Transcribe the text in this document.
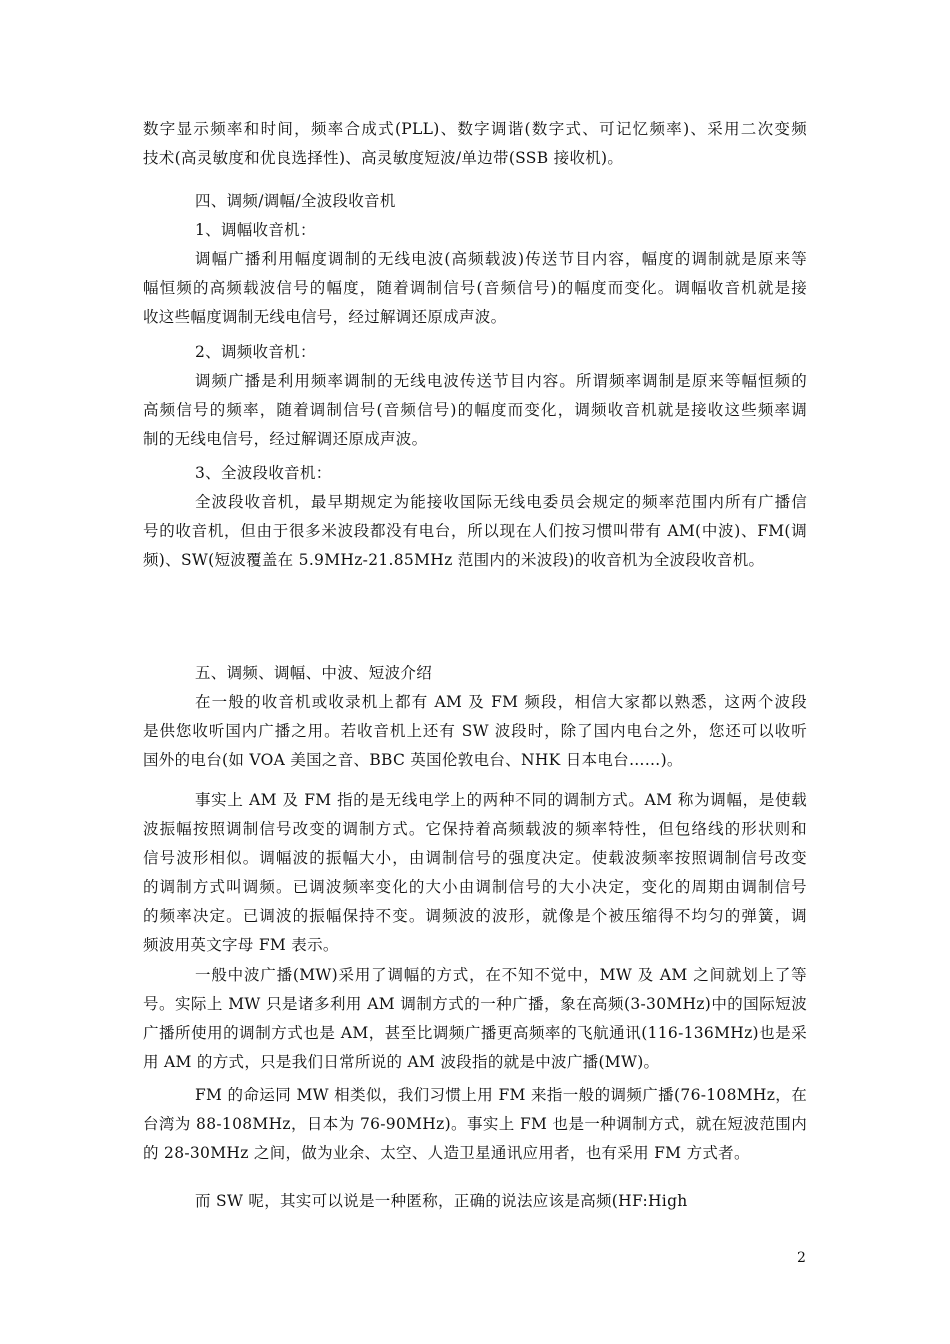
数字显示频率和时间，频率合成式(PLL)、数字调谐(数字式、可记忆频率)、采用二次变频
技术(高灵敏度和优良选择性)、高灵敏度短波/单边带(SSB 接收机)。
四、调频/调幅/全波段收音机
1、调幅收音机：
调幅广播利用幅度调制的无线电波(高频载波)传送节目内容，幅度的调制就是原来等
幅恒频的高频载波信号的幅度，随着调制信号(音频信号)的幅度而变化。调幅收音机就是接
收这些幅度调制无线电信号，经过解调还原成声波。
2、调频收音机：
调频广播是利用频率调制的无线电波传送节目内容。所谓频率调制是原来等幅恒频的
高频信号的频率，随着调制信号(音频信号)的幅度而变化，调频收音机就是接收这些频率调
制的无线电信号，经过解调还原成声波。
3、全波段收音机：
全波段收音机，最早期规定为能接收国际无线电委员会规定的频率范围内所有广播信
号的收音机，但由于很多米波段都没有电台，所以现在人们按习惯叫带有 AM(中波)、FM(调
频)、SW(短波覆盖在 5.9MHz-21.85MHz 范围内的米波段)的收音机为全波段收音机。
五、调频、调幅、中波、短波介绍
在一般的收音机或收录机上都有 AM 及 FM 频段，相信大家都以熟悉，这两个波段
是供您收听国内广播之用。若收音机上还有 SW 波段时，除了国内电台之外，您还可以收听
国外的电台(如 VOA 美国之音、BBC 英国伦敦电台、NHK 日本电台……)。
事实上 AM 及 FM 指的是无线电学上的两种不同的调制方式。AM 称为调幅，是使载
波振幅按照调制信号改变的调制方式。它保持着高频载波的频率特性，但包络线的形状则和
信号波形相似。调幅波的振幅大小，由调制信号的强度决定。使载波频率按照调制信号改变
的调制方式叫调频。已调波频率变化的大小由调制信号的大小决定，变化的周期由调制信号
的频率决定。已调波的振幅保持不变。调频波的波形，就像是个被压缩得不均匀的弹簧，调
频波用英文字母 FM 表示。
一般中波广播(MW)采用了调幅的方式，在不知不觉中，MW 及 AM 之间就划上了等
号。实际上 MW 只是诸多利用 AM 调制方式的一种广播，象在高频(3-30MHz)中的国际短波
广播所使用的调制方式也是 AM，甚至比调频广播更高频率的飞航通讯(116-136MHz)也是采
用 AM 的方式，只是我们日常所说的 AM 波段指的就是中波广播(MW)。
FM 的命运同 MW 相类似，我们习惯上用 FM 来指一般的调频广播(76-108MHz，在
台湾为 88-108MHz，日本为 76-90MHz)。事实上 FM 也是一种调制方式，就在短波范围内
的 28-30MHz 之间，做为业余、太空、人造卫星通讯应用者，也有采用 FM 方式者。
而 SW 呢，其实可以说是一种匿称，正确的说法应该是高频(HF:High
2
